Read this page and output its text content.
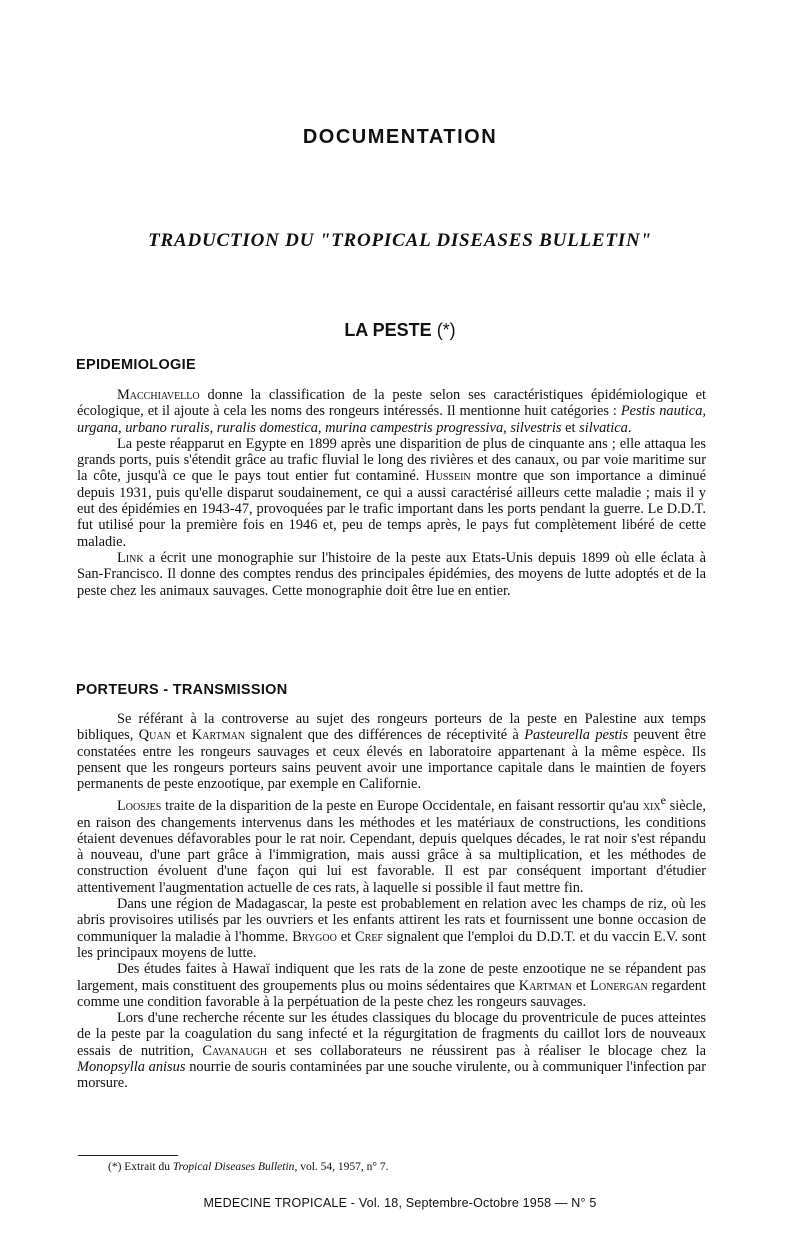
DOCUMENTATION
TRADUCTION DU "TROPICAL DISEASES BULLETIN"
LA PESTE (*)
EPIDEMIOLOGIE

Macchiavello donne la classification de la peste selon ses caractéristiques épidémiologique et écologique, et il ajoute à cela les noms des rongeurs intéressés. Il mentionne huit catégories : Pestis nautica, urgana, urbano ruralis, ruralis domestica, murina campestris progressiva, silvestris et silvatica.

La peste réapparut en Egypte en 1899 après une disparition de plus de cinquante ans ; elle attaqua les grands ports, puis s'étendit grâce au trafic fluvial le long des rivières et des canaux, ou par voie maritime sur la côte, jusqu'à ce que le pays tout entier fut contaminé. Hussein montre que son importance a diminué depuis 1931, puis qu'elle disparut soudainement, ce qui a aussi caractérisé ailleurs cette maladie ; mais il y eut des épidémies en 1943-47, provoquées par le trafic important dans les ports pendant la guerre. Le D.D.T. fut utilisé pour la première fois en 1946 et, peu de temps après, le pays fut complètement libéré de cette maladie.

Link a écrit une monographie sur l'histoire de la peste aux Etats-Unis depuis 1899 où elle éclata à San-Francisco. Il donne des comptes rendus des principales épidémies, des moyens de lutte adoptés et de la peste chez les animaux sauvages. Cette monographie doit être lue en entier.

PORTEURS - TRANSMISSION

Se référant à la controverse au sujet des rongeurs porteurs de la peste en Palestine aux temps bibliques, Quan et Kartman signalent que des différences de réceptivité à Pasteurella pestis peuvent être constatées entre les rongeurs sauvages et ceux élevés en laboratoire appartenant à la même espèce. Ils pensent que les rongeurs porteurs sains peuvent avoir une importance capitale dans le maintien de foyers permanents de peste enzootique, par exemple en Californie.

Loosjes traite de la disparition de la peste en Europe Occidentale, en faisant ressortir qu'au xix$^e$ siècle, en raison des changements intervenus dans les méthodes et les matériaux de constructions, les conditions étaient devenues défavorables pour le rat noir. Cependant, depuis quelques décades, le rat noir s'est répandu à nouveau, d'une part grâce à l'immigration, mais aussi grâce à sa multiplication, et les méthodes de construction évoluent d'une façon qui lui est favorable. Il est par conséquent important d'étudier attentivement l'augmentation actuelle de ces rats, à laquelle si possible il faut mettre fin.

Dans une région de Madagascar, la peste est probablement en relation avec les champs de riz, où les abris provisoires utilisés par les ouvriers et les enfants attirent les rats et fournissent une bonne occasion de communiquer la maladie à l'homme. Brygoo et Cref signalent que l'emploi du D.D.T. et du vaccin E.V. sont les principaux moyens de lutte.

Des études faites à Hawaï indiquent que les rats de la zone de peste enzootique ne se répandent pas largement, mais constituent des groupements plus ou moins sédentaires que Kartman et Lonergan regardent comme une condition favorable à la perpétuation de la peste chez les rongeurs sauvages.

Lors d'une recherche récente sur les études classiques du blocage du proventricule de puces atteintes de la peste par la coagulation du sang infecté et la régurgitation de fragments du caillot lors de nouveaux essais de nutrition, Cavanaugh et ses collaborateurs ne réussirent pas à réaliser le blocage chez la Monopsylla anisus nourrie de souris contaminées par une souche virulente, ou à communiquer l'infection par morsure.

(*) Extrait du Tropical Diseases Bulletin, vol. 54, 1957, n° 7.

MEDECINE TROPICALE - Vol. 18, Septembre-Octobre 1958 — N° 5
